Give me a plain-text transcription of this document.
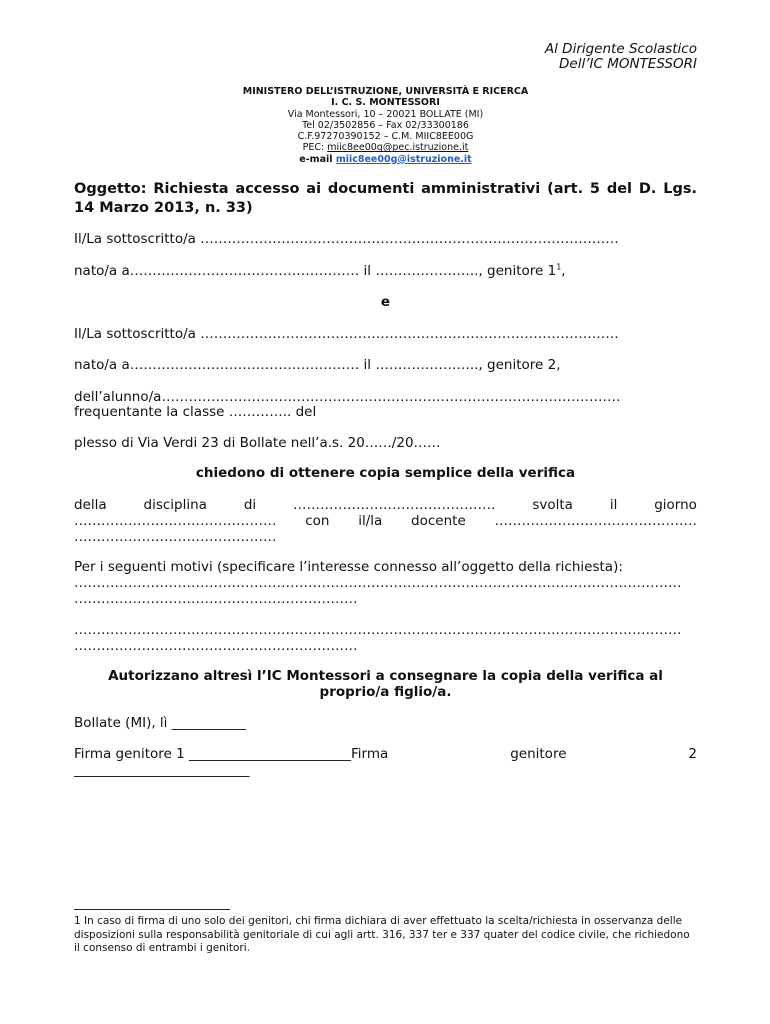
Al Dirigente Scolastico
Dell’IC MONTESSORI
MINISTERO DELL’ISTRUZIONE, UNIVERSITÀ E RICERCA
I. C. S. MONTESSORI
Via Montessori, 10 – 20021 BOLLATE (MI)
Tel 02/3502856 – Fax 02/33300186
C.F.97270390152 – C.M. MIIC8EE00G
PEC: miic8ee00g@pec.istruzione.it
e-mail miic8ee00g@istruzione.it
Oggetto: Richiesta accesso ai documenti amministrativi (art. 5 del D. Lgs. 14 Marzo 2013, n. 33)
Il/La sottoscritto/a …………………………………………………………………………………
nato/a a…………………………………………… il ………………….., genitore $1^1$,
e
Il/La sottoscritto/a …………………………………………………………………………………
nato/a a…………………………………………… il ………………….., genitore 2,
dell’alunno/a…………………………………………………………………………………………
frequentante la classe ………….. del
plesso di Via Verdi 23 di Bollate nell’a.s. 20……/20……
chiedono di ottenere copia semplice della verifica
della	disciplina	di	………………………………………	svolta	il	giorno
……………………………………… con il/la docente ………………………………………
………………………………………
Per i seguenti motivi (specificare l’interesse connesso all’oggetto della richiesta):
………………………………………………………………………………………………………………………
………………………………………………………
………………………………………………………………………………………………………………………
………………………………………………………
Autorizzano altresì l’IC Montessori a consegnare la copia della verifica al proprio/a figlio/a.
Bollate (MI), lì ___________
Firma genitore 1 ________________________Firma	genitore	2
__________________________
1 In caso di firma di uno solo dei genitori, chi firma dichiara di aver effettuato la scelta/richiesta in osservanza delle disposizioni sulla responsabilità genitoriale di cui agli artt. 316, 337 ter e 337 quater del codice civile, che richiedono il consenso di entrambi i genitori.
